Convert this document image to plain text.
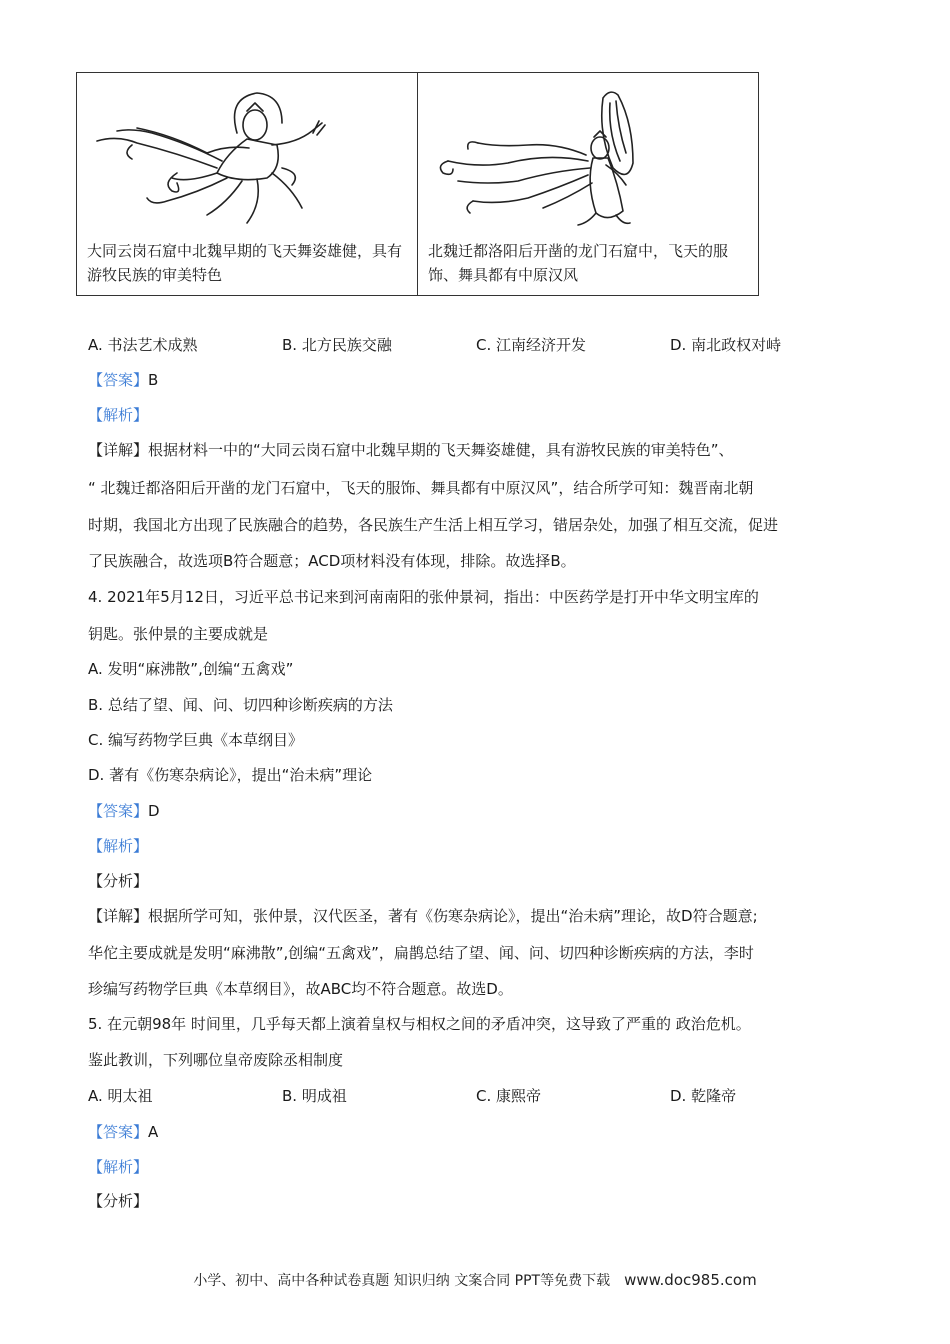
大同云岗石窟中北魏早期的飞天舞姿雄健，具有游牧民族的审美特色
北魏迁都洛阳后开凿的龙门石窟中，飞天的服饰、舞具都有中原汉风
A. 书法艺术成熟	B. 北方民族交融	C. 江南经济开发	D. 南北政权对峙
【答案】B
【解析】
【详解】根据材料一中的“大同云岗石窟中北魏早期的飞天舞姿雄健，具有游牧民族的审美特色”、
“ 北魏迁都洛阳后开凿的龙门石窟中，飞天的服饰、舞具都有中原汉风”，结合所学可知：魏晋南北朝
时期，我国北方出现了民族融合的趋势，各民族生产生活上相互学习，错居杂处，加强了相互交流，促进
了民族融合，故选项B符合题意；ACD项材料没有体现，排除。故选择B。
4. 2021年5月12日，习近平总书记来到河南南阳的张仲景祠，指出：中医药学是打开中华文明宝库的
钥匙。张仲景的主要成就是
A. 发明“麻沸散”,创编“五禽戏”
B. 总结了望、闻、问、切四种诊断疾病的方法
C. 编写药物学巨典《本草纲目》
D. 著有《伤寒杂病论》，提出“治未病”理论
【答案】D
【解析】
【分析】
【详解】根据所学可知，张仲景，汉代医圣，著有《伤寒杂病论》，提出“治未病”理论，故D符合题意;
华佗主要成就是发明“麻沸散”,创编“五禽戏”，扁鹊总结了望、闻、问、切四种诊断疾病的方法，李时
珍编写药物学巨典《本草纲目》，故ABC均不符合题意。故选D。
5. 在元朝98年 时间里，几乎每天都上演着皇权与相权之间的矛盾冲突，这导致了严重的 政治危机。
鉴此教训，下列哪位皇帝废除丞相制度
A. 明太祖	B. 明成祖	C. 康熙帝	D. 乾隆帝
【答案】A
【解析】
【分析】
小学、初中、高中各种试卷真题 知识归纳 文案合同 PPT等免费下载 www.doc985.com
